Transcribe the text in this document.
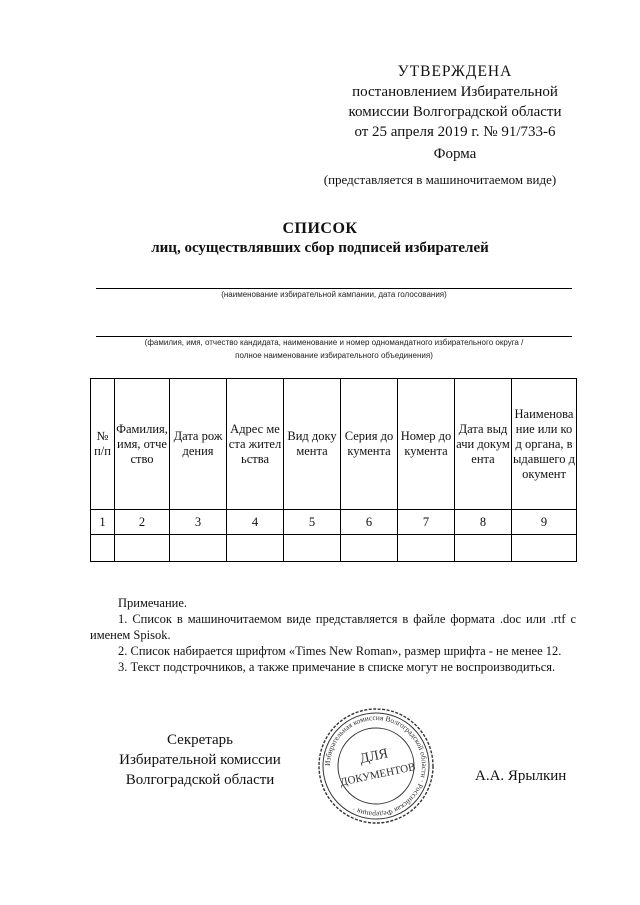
УТВЕРЖДЕНА
постановлением Избирательной
комиссии Волгоградской области
от 25 апреля 2019 г. № 91/733-6
Форма
(представляется в машиночитаемом виде)
СПИСОК
лиц, осуществлявших сбор подписей избирателей
(наименование избирательной кампании, дата голосования)
(фамилия, имя, отчество кандидата, наименование и номер одномандатного избирательного округа /
полное наименование избирательного объединения)
№ п/п	Фамилия, имя, отчество	Дата рождения	Адрес места жительства	Вид документа	Серия документа	Номер документа	Дата выдачи документа	Наименование или код органа, выдавшего документ
1	2	3	4	5	6	7	8	9

Примечание.

1. Список в машиночитаемом виде представляется в файле формата .doc или .rtf с именем Spisok.

2. Список набирается шрифтом «Times New Roman», размер шрифта - не менее 12.

3. Текст подстрочников, а также примечание в списке могут не воспроизводиться.

Секретарь
Избирательной комиссии
Волгоградской области
Избирательная комиссия Волгоградской области · Российская Федерация ·
ДЛЯ
ДОКУМЕНТОВ	А.А. Ярылкин
